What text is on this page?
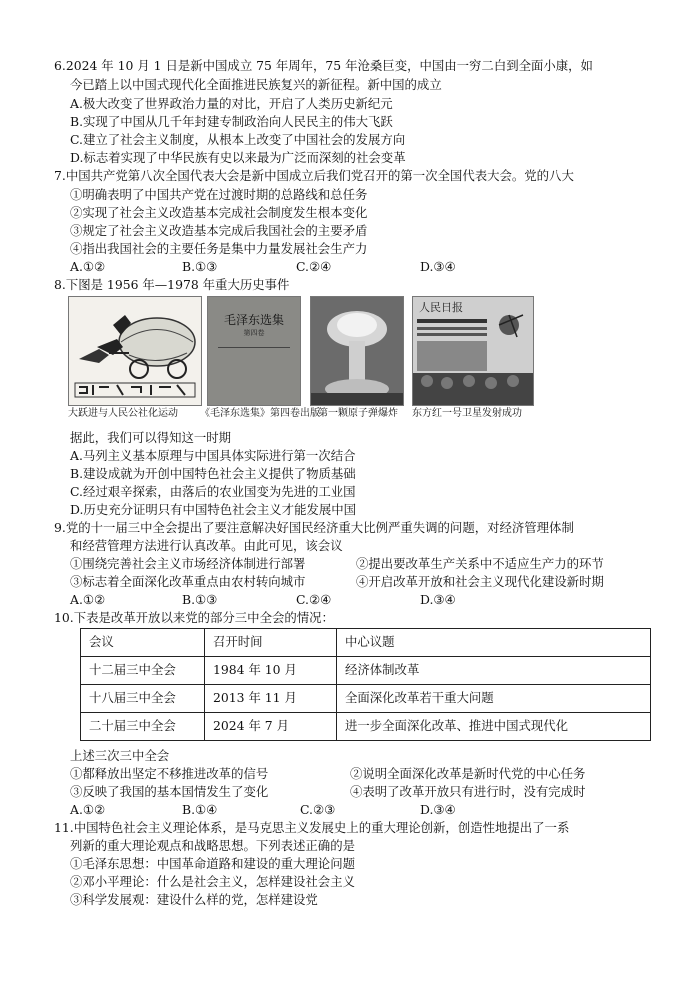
6.2024 年 10 月 1 日是新中国成立 75 年周年，75 年沧桑巨变，中国由一穷二白到全面小康，如
今已踏上以中国式现代化全面推进民族复兴的新征程。新中国的成立
A.极大改变了世界政治力量的对比，开启了人类历史新纪元
B.实现了中国从几千年封建专制政治向人民民主的伟大飞跃
C.建立了社会主义制度，从根本上改变了中国社会的发展方向
D.标志着实现了中华民族有史以来最为广泛而深刻的社会变革
7.中国共产党第八次全国代表大会是新中国成立后我们党召开的第一次全国代表大会。党的八大
①明确表明了中国共产党在过渡时期的总路线和总任务
②实现了社会主义改造基本完成社会制度发生根本变化
③规定了社会主义改造基本完成后我国社会的主要矛盾
④指出我国社会的主要任务是集中力量发展社会生产力
A.①②	B.①③	C.②④	D.③④
8.下图是 1956 年—1978 年重大历史事件
毛泽东选集
第四卷
人民日报
大跃进与人民公社化运动 《毛泽东选集》第四卷出版
第一颗原子弹爆炸 东方红一号卫星发射成功
据此，我们可以得知这一时期
A.马列主义基本原理与中国具体实际进行第一次结合
B.建设成就为开创中国特色社会主义提供了物质基础
C.经过艰辛探索，由落后的农业国变为先进的工业国
D.历史充分证明只有中国特色社会主义才能发展中国
9.党的十一届三中全会提出了要注意解决好国民经济重大比例严重失调的问题，对经济管理体制
和经营管理方法进行认真改革。由此可见，该会议
①围绕完善社会主义市场经济体制进行部署	②提出要改革生产关系中不适应生产力的环节
③标志着全面深化改革重点由农村转向城市	④开启改革开放和社会主义现代化建设新时期
A.①②	B.①③	C.②④	D.③④
10.下表是改革开放以来党的部分三中全会的情况：
会议	召开时间	中心议题
十二届三中全会	1984 年 10 月	经济体制改革
十八届三中全会	2013 年 11 月	全面深化改革若干重大问题
二十届三中全会	2024 年 7 月	进一步全面深化改革、推进中国式现代化
上述三次三中全会
①都释放出坚定不移推进改革的信号	②说明全面深化改革是新时代党的中心任务
③反映了我国的基本国情发生了变化	④表明了改革开放只有进行时，没有完成时
A.①②	B.①④	C.②③	D.③④
11.中国特色社会主义理论体系，是马克思主义发展史上的重大理论创新，创造性地提出了一系
列新的重大理论观点和战略思想。下列表述正确的是
①毛泽东思想：中国革命道路和建设的重大理论问题
②邓小平理论：什么是社会主义，怎样建设社会主义
③科学发展观：建设什么样的党，怎样建设党
